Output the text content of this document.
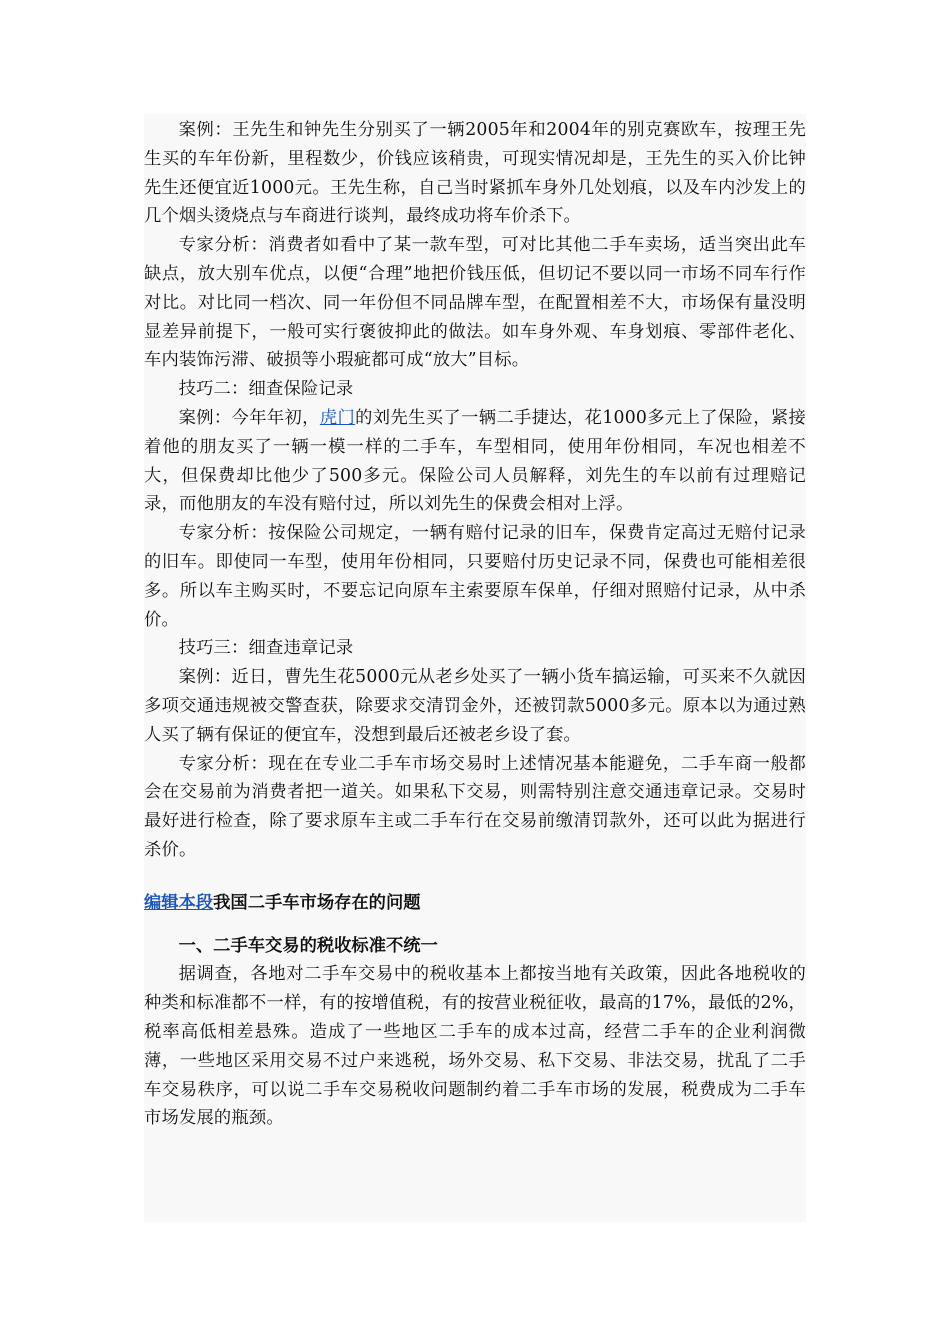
案例：王先生和钟先生分别买了一辆2005年和2004年的别克赛欧车，按理王先生买的车年份新，里程数少，价钱应该稍贵，可现实情况却是，王先生的买入价比钟先生还便宜近1000元。王先生称，自己当时紧抓车身外几处划痕，以及车内沙发上的几个烟头烫烧点与车商进行谈判，最终成功将车价杀下。

专家分析：消费者如看中了某一款车型，可对比其他二手车卖场，适当突出此车缺点，放大别车优点，以便“合理”地把价钱压低，但切记不要以同一市场不同车行作对比。对比同一档次、同一年份但不同品牌车型，在配置相差不大，市场保有量没明显差异前提下，一般可实行褒彼抑此的做法。如车身外观、车身划痕、零部件老化、车内装饰污滞、破损等小瑕疵都可成“放大”目标。

技巧二：细查保险记录

案例：今年年初，虎门的刘先生买了一辆二手捷达，花1000多元上了保险，紧接着他的朋友买了一辆一模一样的二手车，车型相同，使用年份相同，车况也相差不大，但保费却比他少了500多元。保险公司人员解释，刘先生的车以前有过理赔记录，而他朋友的车没有赔付过，所以刘先生的保费会相对上浮。

专家分析：按保险公司规定，一辆有赔付记录的旧车，保费肯定高过无赔付记录的旧车。即使同一车型，使用年份相同，只要赔付历史记录不同，保费也可能相差很多。所以车主购买时，不要忘记向原车主索要原车保单，仔细对照赔付记录，从中杀价。

技巧三：细查违章记录

案例：近日，曹先生花5000元从老乡处买了一辆小货车搞运输，可买来不久就因多项交通违规被交警查获，除要求交清罚金外，还被罚款5000多元。原本以为通过熟人买了辆有保证的便宜车，没想到最后还被老乡设了套。

专家分析：现在在专业二手车市场交易时上述情况基本能避免，二手车商一般都会在交易前为消费者把一道关。如果私下交易，则需特别注意交通违章记录。交易时最好进行检查，除了要求原车主或二手车行在交易前缴清罚款外，还可以此为据进行杀价。

编辑本段我国二手车市场存在的问题
一、二手车交易的税收标准不统一

据调查，各地对二手车交易中的税收基本上都按当地有关政策，因此各地税收的种类和标准都不一样，有的按增值税，有的按营业税征收，最高的17%，最低的2%，税率高低相差悬殊。造成了一些地区二手车的成本过高，经营二手车的企业利润微薄，一些地区采用交易不过户来逃税，场外交易、私下交易、非法交易，扰乱了二手车交易秩序，可以说二手车交易税收问题制约着二手车市场的发展，税费成为二手车市场发展的瓶颈。
